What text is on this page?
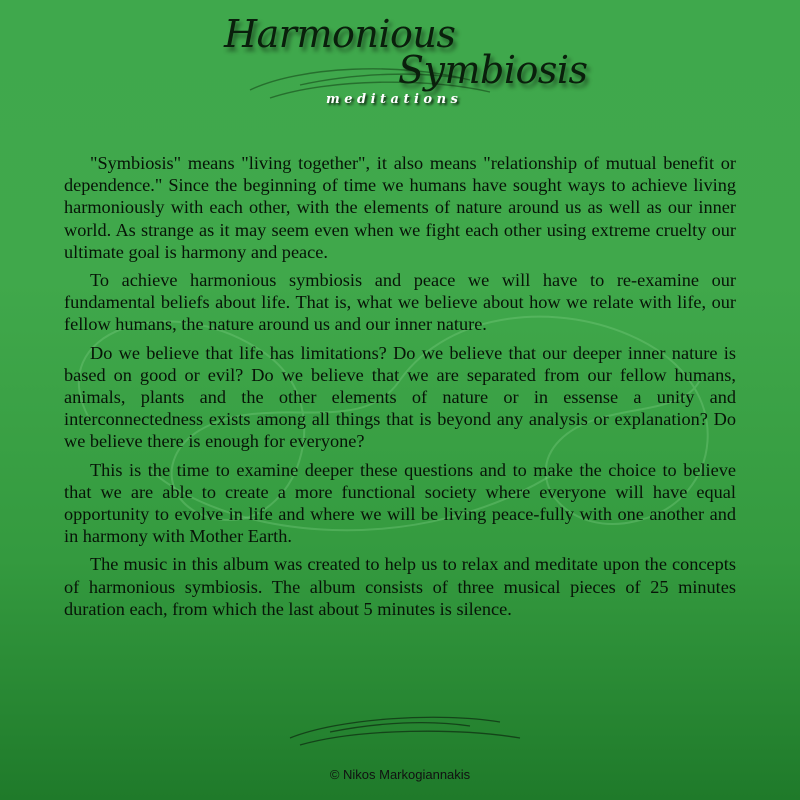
Harmonious
Symbiosis
meditations

"Symbiosis" means "living together", it also means "relationship of mutual benefit or dependence." Since the beginning of time we humans have sought ways to achieve living harmoniously with each other, with the elements of nature around us as well as our inner world. As strange as it may seem even when we fight each other using extreme cruelty our ultimate goal is harmony and peace.

To achieve harmonious symbiosis and peace we will have to re-examine our fundamental beliefs about life. That is, what we believe about how we relate with life, our fellow humans, the nature around us and our inner nature.

Do we believe that life has limitations? Do we believe that our deeper inner nature is based on good or evil? Do we believe that we are separated from our fellow humans, animals, plants and the other elements of nature or in essense a unity and interconnectedness exists among all things that is beyond any analysis or explanation? Do we believe there is enough for everyone?

This is the time to examine deeper these questions and to make the choice to believe that we are able to create a more functional society where everyone will have equal opportunity to evolve in life and where we will be living peace-fully with one another and in harmony with Mother Earth.

The music in this album was created to help us to relax and meditate upon the concepts of harmonious symbiosis. The album consists of three musical pieces of 25 minutes duration each, from which the last about 5 minutes is silence.

© Nikos Markogiannakis
